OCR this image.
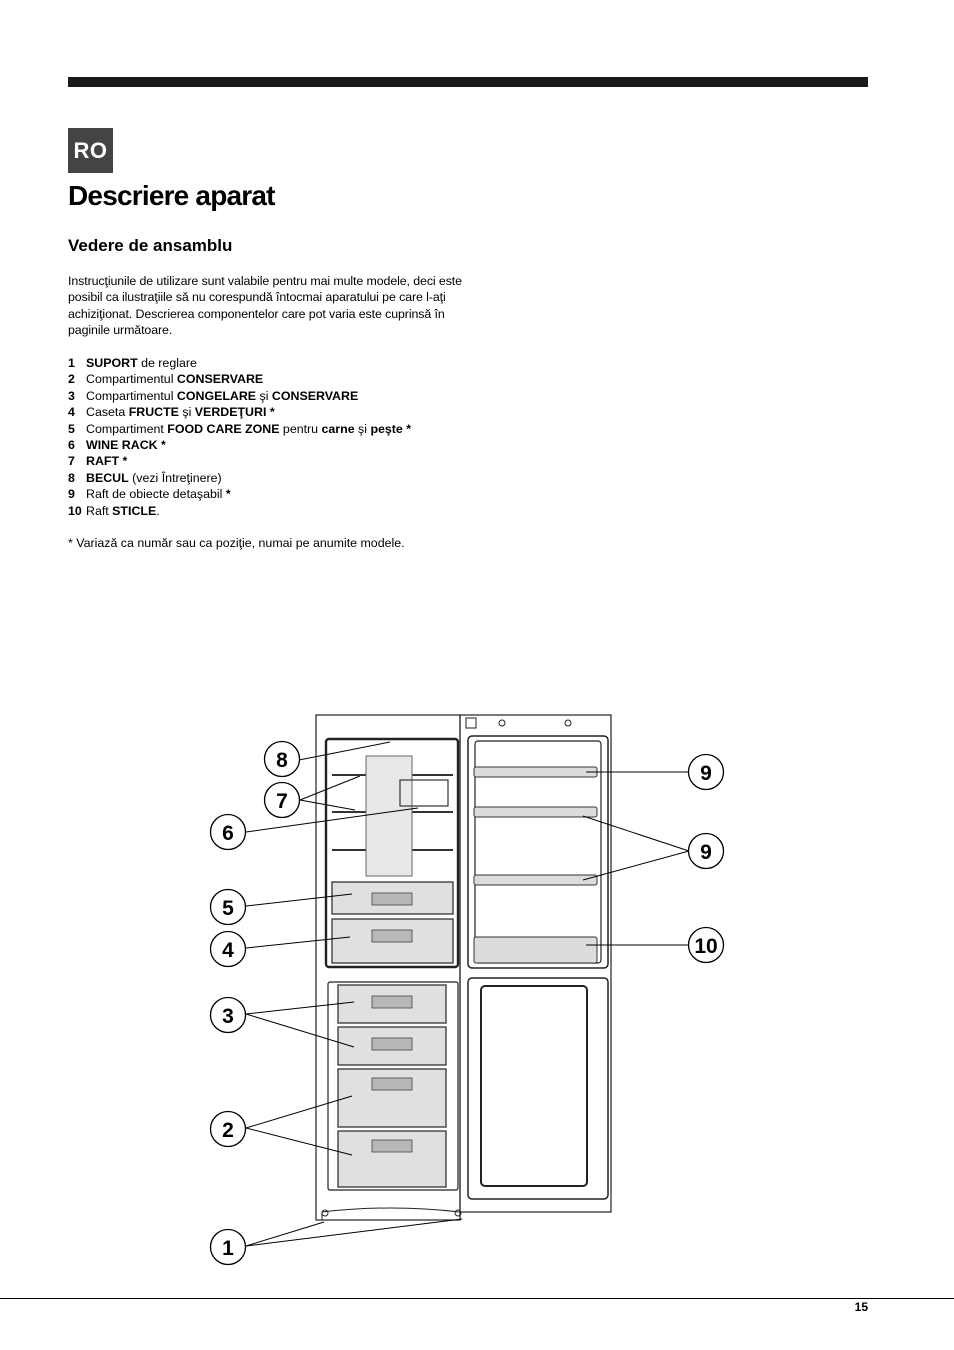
RO
Descriere aparat
Vedere de ansamblu

Instrucţiunile de utilizare sunt valabile pentru mai multe modele, deci este posibil ca ilustraţiile să nu corespundă întocmai aparatului pe care l-aţi achiziţionat. Descrierea componentelor care pot varia este cuprinsă în paginile următoare.

1 SUPORT de reglare
2 Compartimentul CONSERVARE
3 Compartimentul CONGELARE şi CONSERVARE
4 Caseta FRUCTE şi VERDEŢURI *
5 Compartiment FOOD CARE ZONE pentru carne şi peşte *
6 WINE RACK *
7 RAFT *
8 BECUL (vezi Întreţinere)
9 Raft de obiecte detaşabil *
10 Raft STICLE.

* Variază ca număr sau ca poziţie, numai pe anumite modele.

8
7
6
5
4
3
2
1
9
9
10
15
